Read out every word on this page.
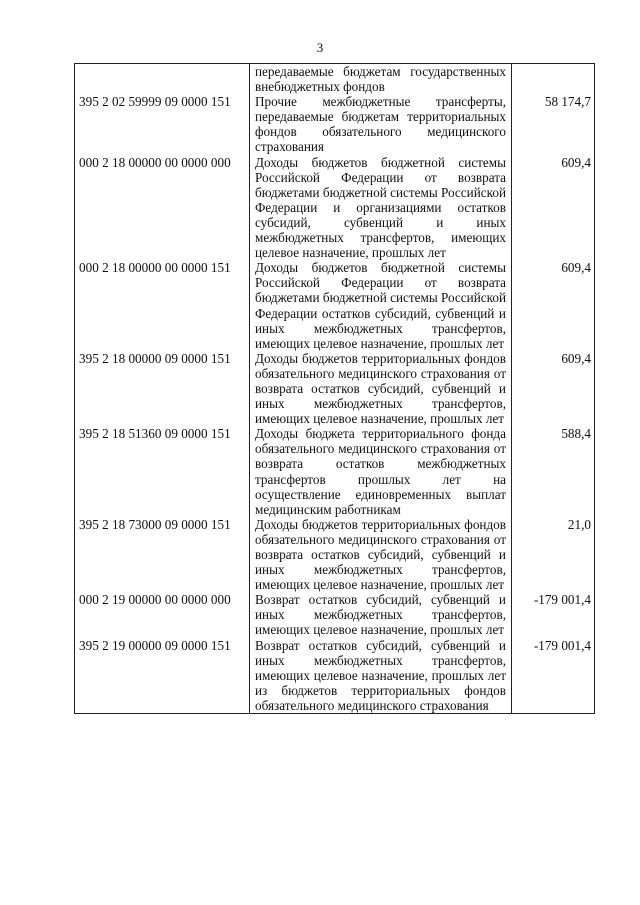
3
	передаваемые бюджетам государственных внебюджетных фондов	
395 2 02 59999 09 0000 151	Прочие межбюджетные трансферты, передаваемые бюджетам территориальных фондов обязательного медицинского страхования	58 174,7
000 2 18 00000 00 0000 000	Доходы бюджетов бюджетной системы Российской Федерации от возврата бюджетами бюджетной системы Российской Федерации и организациями остатков субсидий, субвенций и иных межбюджетных трансфертов, имеющих целевое назначение, прошлых лет	609,4
000 2 18 00000 00 0000 151	Доходы бюджетов бюджетной системы Российской Федерации от возврата бюджетами бюджетной системы Российской Федерации остатков субсидий, субвенций и иных межбюджетных трансфертов, имеющих целевое назначение, прошлых лет	609,4
395 2 18 00000 09 0000 151	Доходы бюджетов территориальных фондов обязательного медицинского страхования от возврата остатков субсидий, субвенций и иных межбюджетных трансфертов, имеющих целевое назначение, прошлых лет	609,4
395 2 18 51360 09 0000 151	Доходы бюджета территориального фонда обязательного медицинского страхования от возврата остатков межбюджетных трансфертов прошлых лет на осуществление единовременных выплат медицинским работникам	588,4
395 2 18 73000 09 0000 151	Доходы бюджетов территориальных фондов обязательного медицинского страхования от возврата остатков субсидий, субвенций и иных межбюджетных трансфертов, имеющих целевое назначение, прошлых лет	21,0
000 2 19 00000 00 0000 000	Возврат остатков субсидий, субвенций и иных межбюджетных трансфертов, имеющих целевое назначение, прошлых лет	-179 001,4
395 2 19 00000 09 0000 151	Возврат остатков субсидий, субвенций и иных межбюджетных трансфертов, имеющих целевое назначение, прошлых лет из бюджетов территориальных фондов обязательного медицинского страхования	-179 001,4
